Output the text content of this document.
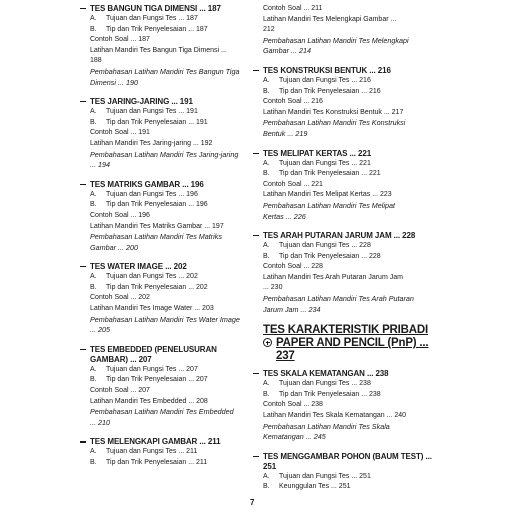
TES BANGUN TIGA DIMENSI ... 187
A. Tujuan dan Fungsi Tes ... 187
B. Tip dan Trik Penyelesaian ... 187
Contoh Soal ... 187
Latihan Mandiri Tes Bangun Tiga Dimensi ...
188
Pembahasan Latihan Mandiri Tes Bangun Tiga
Dimensi ... 190
TES JARING-JARING ... 191
A. Tujuan dan Fungsi Tes ... 191
B. Tip dan Trik Penyelesaian ... 191
Contoh Soal ... 191
Latihan Mandiri Tes Jaring-jaring ... 192
Pembahasan Latihan Mandiri Tes Jaring-jaring
... 194
TES MATRIKS GAMBAR ... 196
A. Tujuan dan Fungsi Tes ... 196
B. Tip dan Trik Penyelesaian ... 196
Contoh Soal ... 196
Latihan Mandiri Tes Matriks Gambar ... 197
Pembahasan Latihan Mandiri Tes Matriks
Gambar ... 200
TES WATER IMAGE ... 202
A. Tujuan dan Fungsi Tes ... 202
B. Tip dan Trik Penyelesaian ... 202
Contoh Soal ... 202
Latihan Mandiri Tes Image Water ... 203
Pembahasan Latihan Mandiri Tes Water Image
... 205
TES EMBEDDED (PENELUSURAN GAMBAR) ... 207
A. Tujuan dan Fungsi Tes ... 207
B. Tip dan Trik Penyelesaian ... 207
Contoh Soal ... 207
Latihan Mandiri Tes Embedded ... 208
Pembahasan Latihan Mandiri Tes Embedded
... 210
TES MELENGKAPI GAMBAR ... 211
A. Tujuan dan Fungsi Tes ... 211
B. Tip dan Trik Penyelesaian ... 211
Contoh Soal ... 211
Latihan Mandiri Tes Melengkapi Gambar ...
212
Pembahasan Latihan Mandiri Tes Melengkapi
Gambar ... 214
TES KONSTRUKSI BENTUK ... 216
A. Tujuan dan Fungsi Tes ... 216
B. Tip dan Trik Penyelesaian ... 216
Contoh Soal ... 216
Latihan Mandiri Tes Konstruksi Bentuk ... 217
Pembahasan Latihan Mandiri Tes Konstruksi
Bentuk ... 219
TES MELIPAT KERTAS ... 221
A. Tujuan dan Fungsi Tes ... 221
B. Tip dan Trik Penyelesaian ... 221
Contoh Soal ... 221
Latihan Mandiri Tes Melipat Kertas ... 223
Pembahasan Latihan Mandiri Tes Melipat
Kertas ... 226
TES ARAH PUTARAN JARUM JAM ... 228
A. Tujuan dan Fungsi Tes ... 228
B. Tip dan Trik Penyelesaian ... 228
Contoh Soal ... 228
Latihan Mandiri Tes Arah Putaran Jarum Jam
... 230
Pembahasan Latihan Mandiri Tes Arah Putaran
Jarum Jam ... 234
TES KARAKTERISTIK PRIBADI
PAPER AND PENCIL (PnP) ... 237
TES SKALA KEMATANGAN ... 238
A. Tujuan dan Fungsi Tes ... 238
B. Tip dan Trik Penyelesaian ... 238
Contoh Soal ... 238
Latihan Mandiri Tes Skala Kematangan ... 240
Pembahasan Latihan Mandiri Tes Skala
Kematangan ... 245
TES MENGGAMBAR POHON (BAUM TEST) ... 251
A. Tujuan dan Fungsi Tes ... 251
B. Keunggulan Tes ... 251
7
